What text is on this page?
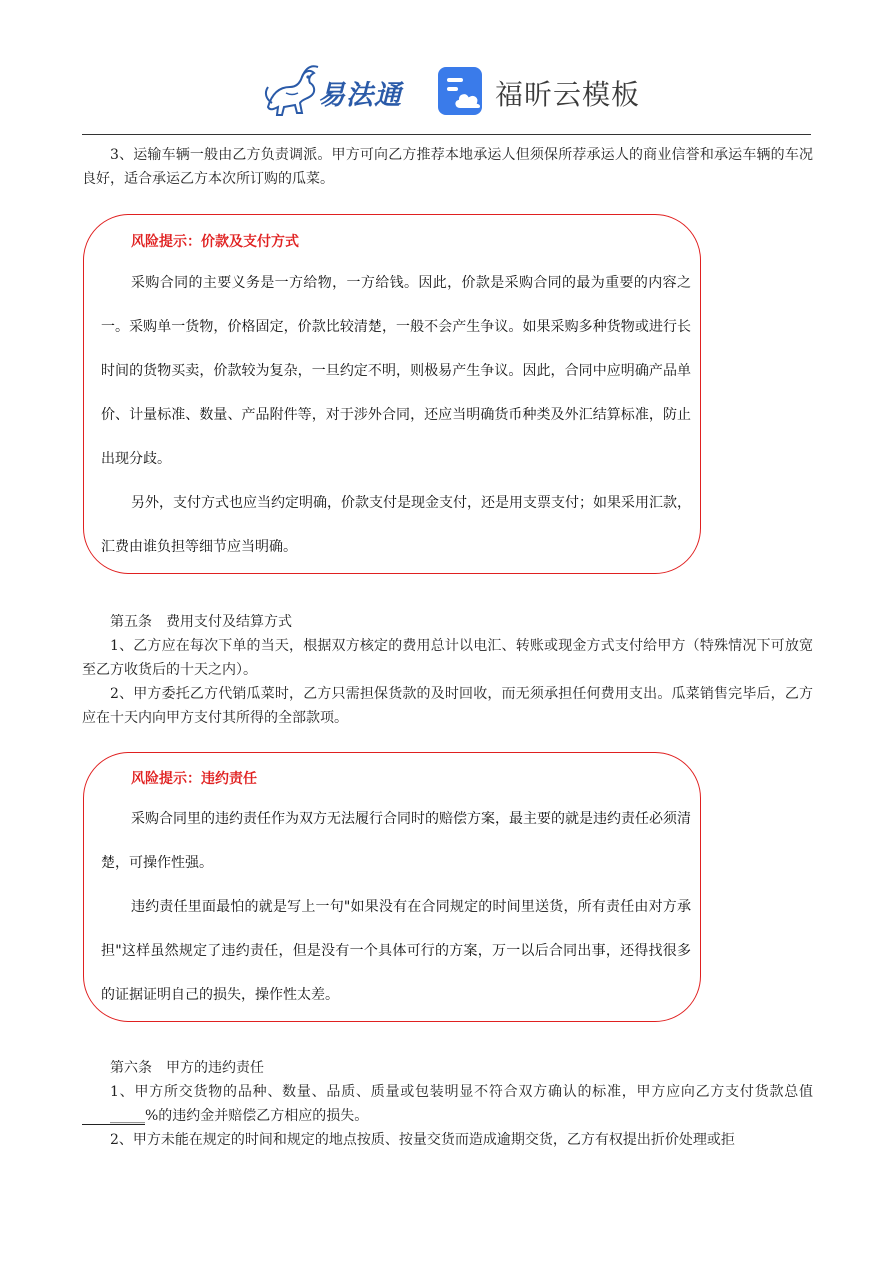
易法通	福昕云模板

3、运输车辆一般由乙方负责调派。甲方可向乙方推荐本地承运人但须保所荐承运人的商业信誉和承运车辆的车况良好，适合承运乙方本次所订购的瓜菜。

风险提示：价款及支付方式

采购合同的主要义务是一方给物，一方给钱。因此，价款是采购合同的最为重要的内容之一。采购单一货物，价格固定，价款比较清楚，一般不会产生争议。如果采购多种货物或进行长时间的货物买卖，价款较为复杂，一旦约定不明，则极易产生争议。因此，合同中应明确产品单价、计量标准、数量、产品附件等，对于涉外合同，还应当明确货币种类及外汇结算标准，防止出现分歧。

另外，支付方式也应当约定明确，价款支付是现金支付，还是用支票支付；如果采用汇款，汇费由谁负担等细节应当明确。

第五条　费用支付及结算方式

1、乙方应在每次下单的当天，根据双方核定的费用总计以电汇、转账或现金方式支付给甲方（特殊情况下可放宽至乙方收货后的十天之内）。

2、甲方委托乙方代销瓜菜时，乙方只需担保货款的及时回收，而无须承担任何费用支出。瓜菜销售完毕后，乙方应在十天内向甲方支付其所得的全部款项。

风险提示：违约责任

采购合同里的违约责任作为双方无法履行合同时的赔偿方案，最主要的就是违约责任必须清楚，可操作性强。

违约责任里面最怕的就是写上一句"如果没有在合同规定的时间里送货，所有责任由对方承担"这样虽然规定了违约责任，但是没有一个具体可行的方案，万一以后合同出事，还得找很多的证据证明自己的损失，操作性太差。

第六条　甲方的违约责任

1、甲方所交货物的品种、数量、品质、质量或包装明显不符合双方确认的标准，甲方应向乙方支付货款总值_____%的违约金并赔偿乙方相应的损失。

2、甲方未能在规定的时间和规定的地点按质、按量交货而造成逾期交货，乙方有权提出折价处理或拒
